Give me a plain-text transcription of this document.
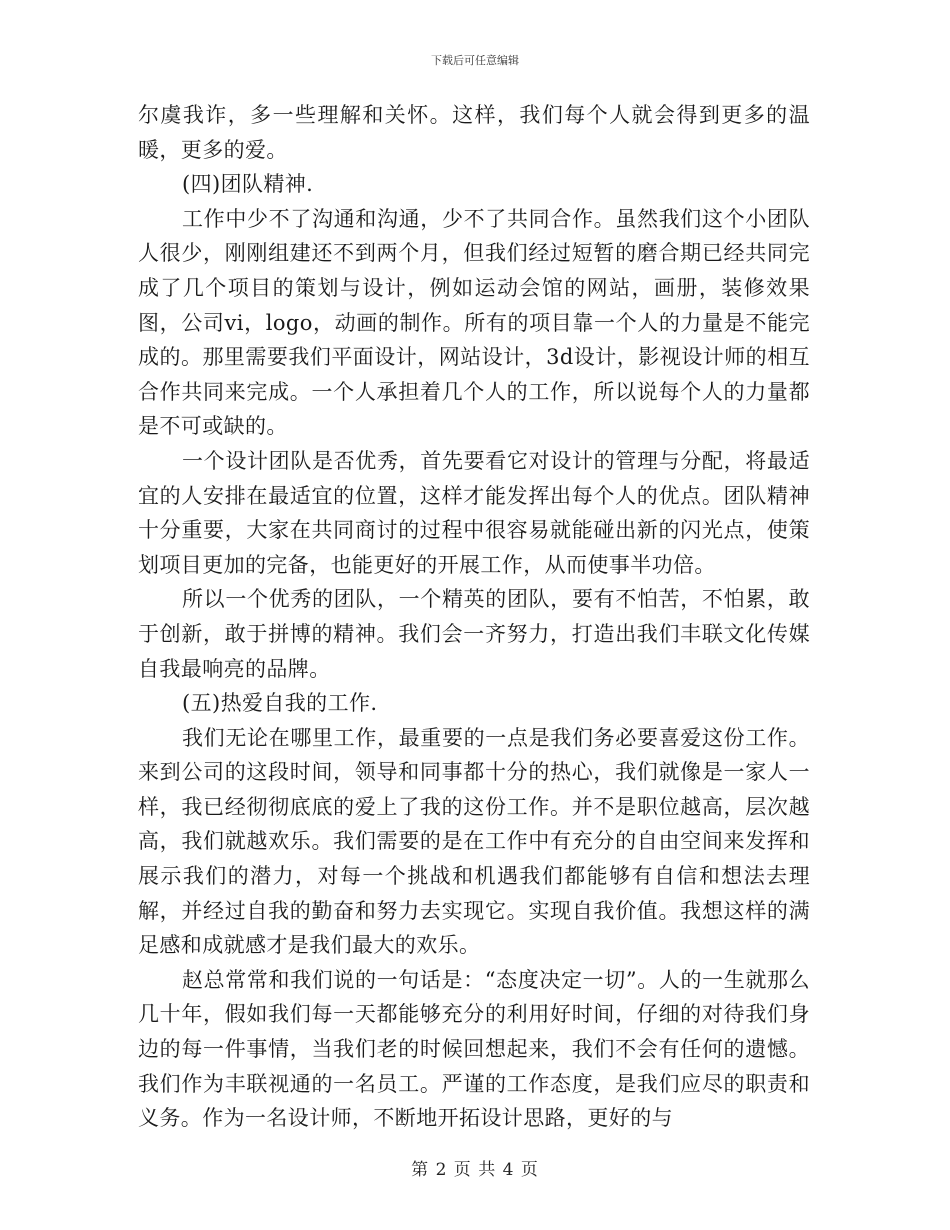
下载后可任意编辑

尔虞我诈，多一些理解和关怀。这样，我们每个人就会得到更多的温暖，更多的爱。

(四)团队精神.

工作中少不了沟通和沟通，少不了共同合作。虽然我们这个小团队人很少，刚刚组建还不到两个月，但我们经过短暂的磨合期已经共同完成了几个项目的策划与设计，例如运动会馆的网站，画册，装修效果图，公司vi，logo，动画的制作。所有的项目靠一个人的力量是不能完成的。那里需要我们平面设计，网站设计，3d设计，影视设计师的相互合作共同来完成。一个人承担着几个人的工作，所以说每个人的力量都是不可或缺的。

一个设计团队是否优秀，首先要看它对设计的管理与分配，将最适宜的人安排在最适宜的位置，这样才能发挥出每个人的优点。团队精神十分重要，大家在共同商讨的过程中很容易就能碰出新的闪光点，使策划项目更加的完备，也能更好的开展工作，从而使事半功倍。

所以一个优秀的团队，一个精英的团队，要有不怕苦，不怕累，敢于创新，敢于拼博的精神。我们会一齐努力，打造出我们丰联文化传媒自我最响亮的品牌。

(五)热爱自我的工作.

我们无论在哪里工作，最重要的一点是我们务必要喜爱这份工作。来到公司的这段时间，领导和同事都十分的热心，我们就像是一家人一样，我已经彻彻底底的爱上了我的这份工作。并不是职位越高，层次越高，我们就越欢乐。我们需要的是在工作中有充分的自由空间来发挥和展示我们的潜力，对每一个挑战和机遇我们都能够有自信和想法去理解，并经过自我的勤奋和努力去实现它。实现自我价值。我想这样的满足感和成就感才是我们最大的欢乐。

赵总常常和我们说的一句话是：“态度决定一切”。人的一生就那么几十年，假如我们每一天都能够充分的利用好时间，仔细的对待我们身边的每一件事情，当我们老的时候回想起来，我们不会有任何的遗憾。我们作为丰联视通的一名员工。严谨的工作态度，是我们应尽的职责和义务。作为一名设计师，不断地开拓设计思路，更好的与

第 2 页 共 4 页
